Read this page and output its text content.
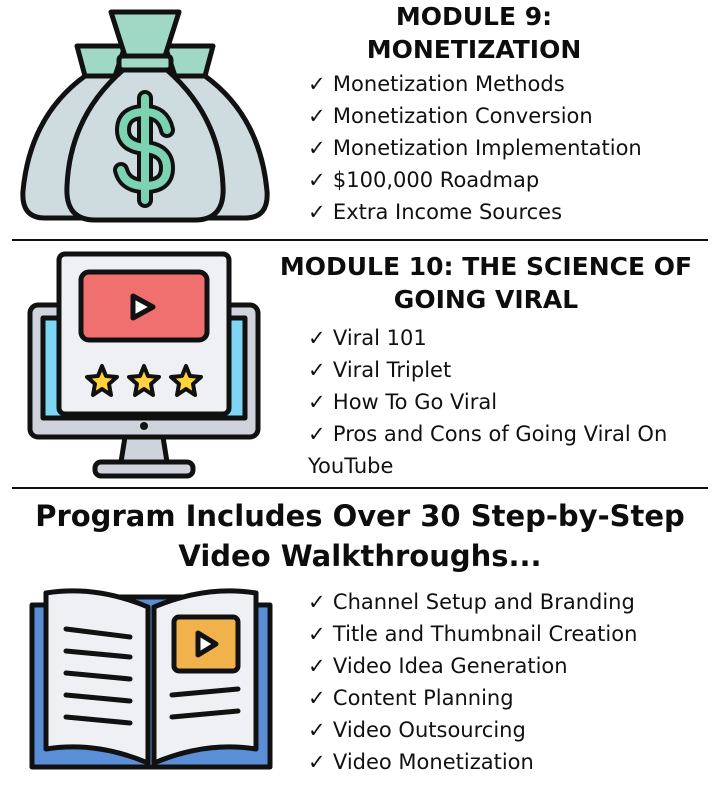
MODULE 9:
MONETIZATION
✓ Monetization Methods
✓ Monetization Conversion
✓ Monetization Implementation
✓ $100,000 Roadmap
✓ Extra Income Sources
MODULE 10: THE SCIENCE OF
GOING VIRAL
✓ Viral 101
✓ Viral Triplet
✓ How To Go Viral
✓ Pros and Cons of Going Viral On YouTube
Program Includes Over 30 Step-by-Step
Video Walkthroughs...
✓ Channel Setup and Branding
✓ Title and Thumbnail Creation
✓ Video Idea Generation
✓ Content Planning
✓ Video Outsourcing
✓ Video Monetization
